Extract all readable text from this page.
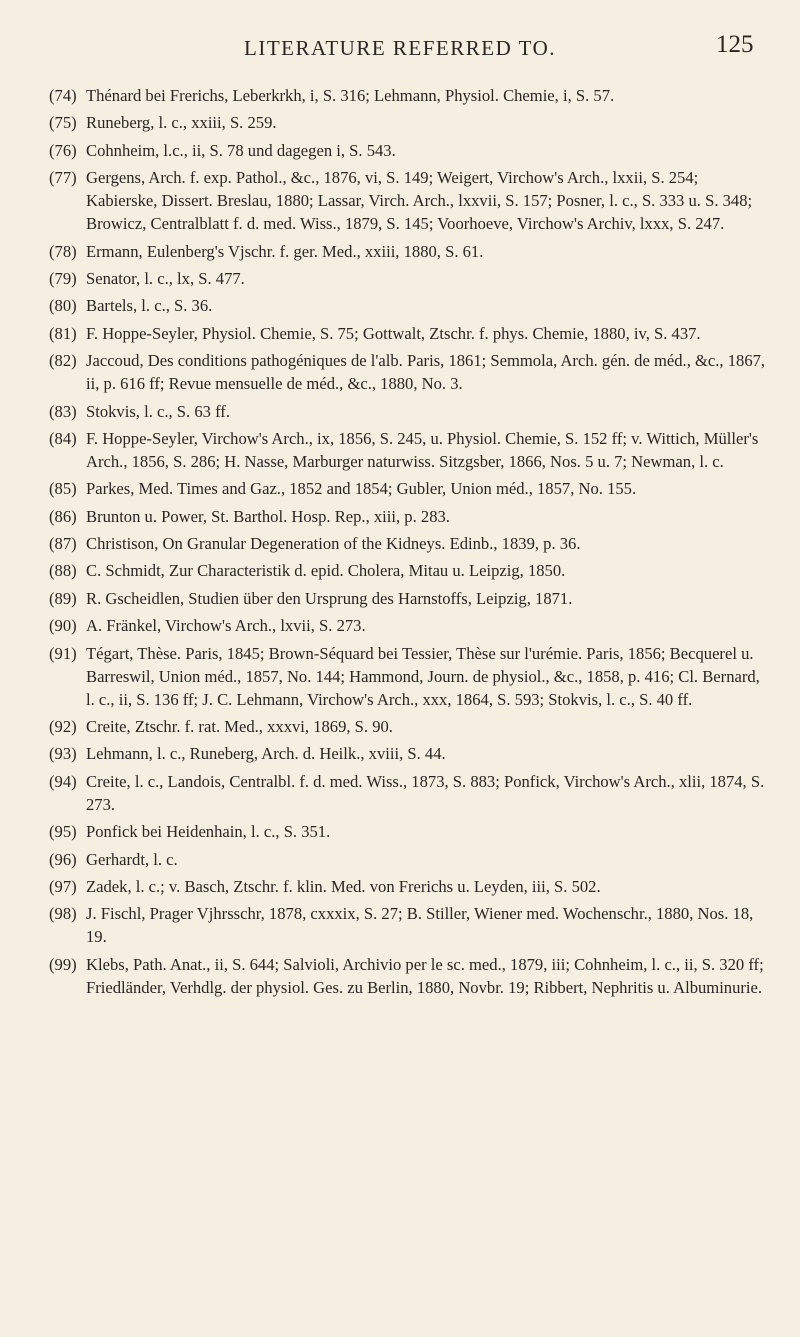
LITERATURE REFERRED TO.	125
(74) Thénard bei Frerichs, Leberkrkh, i, S. 316; Lehmann, Physiol. Chemie, i, S. 57.
(75) Runeberg, l. c., xxiii, S. 259.
(76) Cohnheim, l.c., ii, S. 78 und dagegen i, S. 543.
(77) Gergens, Arch. f. exp. Pathol., &c., 1876, vi, S. 149; Weigert, Virchow's Arch., lxxii, S. 254; Kabierske, Dissert. Breslau, 1880; Lassar, Virch. Arch., lxxvii, S. 157; Posner, l. c., S. 333 u. S. 348; Browicz, Centralblatt f. d. med. Wiss., 1879, S. 145; Voorhoeve, Virchow's Archiv, lxxx, S. 247.
(78) Ermann, Eulenberg's Vjschr. f. ger. Med., xxiii, 1880, S. 61.
(79) Senator, l. c., lx, S. 477.
(80) Bartels, l. c., S. 36.
(81) F. Hoppe-Seyler, Physiol. Chemie, S. 75; Gottwalt, Ztschr. f. phys. Chemie, 1880, iv, S. 437.
(82) Jaccoud, Des conditions pathogéniques de l'alb. Paris, 1861; Semmola, Arch. gén. de méd., &c., 1867, ii, p. 616 ff; Revue mensuelle de méd., &c., 1880, No. 3.
(83) Stokvis, l. c., S. 63 ff.
(84) F. Hoppe-Seyler, Virchow's Arch., ix, 1856, S. 245, u. Physiol. Chemie, S. 152 ff; v. Wittich, Müller's Arch., 1856, S. 286; H. Nasse, Marburger naturwiss. Sitzgsber, 1866, Nos. 5 u. 7; Newman, l. c.
(85) Parkes, Med. Times and Gaz., 1852 and 1854; Gubler, Union méd., 1857, No. 155.
(86) Brunton u. Power, St. Barthol. Hosp. Rep., xiii, p. 283.
(87) Christison, On Granular Degeneration of the Kidneys. Edinb., 1839, p. 36.
(88) C. Schmidt, Zur Characteristik d. epid. Cholera, Mitau u. Leipzig, 1850.
(89) R. Gscheidlen, Studien über den Ursprung des Harnstoffs, Leipzig, 1871.
(90) A. Fränkel, Virchow's Arch., lxvii, S. 273.
(91) Tégart, Thèse. Paris, 1845; Brown-Séquard bei Tessier, Thèse sur l'urémie. Paris, 1856; Becquerel u. Barreswil, Union méd., 1857, No. 144; Hammond, Journ. de physiol., &c., 1858, p. 416; Cl. Bernard, l. c., ii, S. 136 ff; J. C. Lehmann, Virchow's Arch., xxx, 1864, S. 593; Stokvis, l. c., S. 40 ff.
(92) Creite, Ztschr. f. rat. Med., xxxvi, 1869, S. 90.
(93) Lehmann, l. c., Runeberg, Arch. d. Heilk., xviii, S. 44.
(94) Creite, l. c., Landois, Centralbl. f. d. med. Wiss., 1873, S. 883; Ponfick, Virchow's Arch., xlii, 1874, S. 273.
(95) Ponfick bei Heidenhain, l. c., S. 351.
(96) Gerhardt, l. c.
(97) Zadek, l. c.; v. Basch, Ztschr. f. klin. Med. von Frerichs u. Leyden, iii, S. 502.
(98) J. Fischl, Prager Vjhrsschr, 1878, cxxxix, S. 27; B. Stiller, Wiener med. Wochenschr., 1880, Nos. 18, 19.
(99) Klebs, Path. Anat., ii, S. 644; Salvioli, Archivio per le sc. med., 1879, iii; Cohnheim, l. c., ii, S. 320 ff; Friedländer, Verhdlg. der physiol. Ges. zu Berlin, 1880, Novbr. 19; Ribbert, Nephritis u. Albuminurie.
